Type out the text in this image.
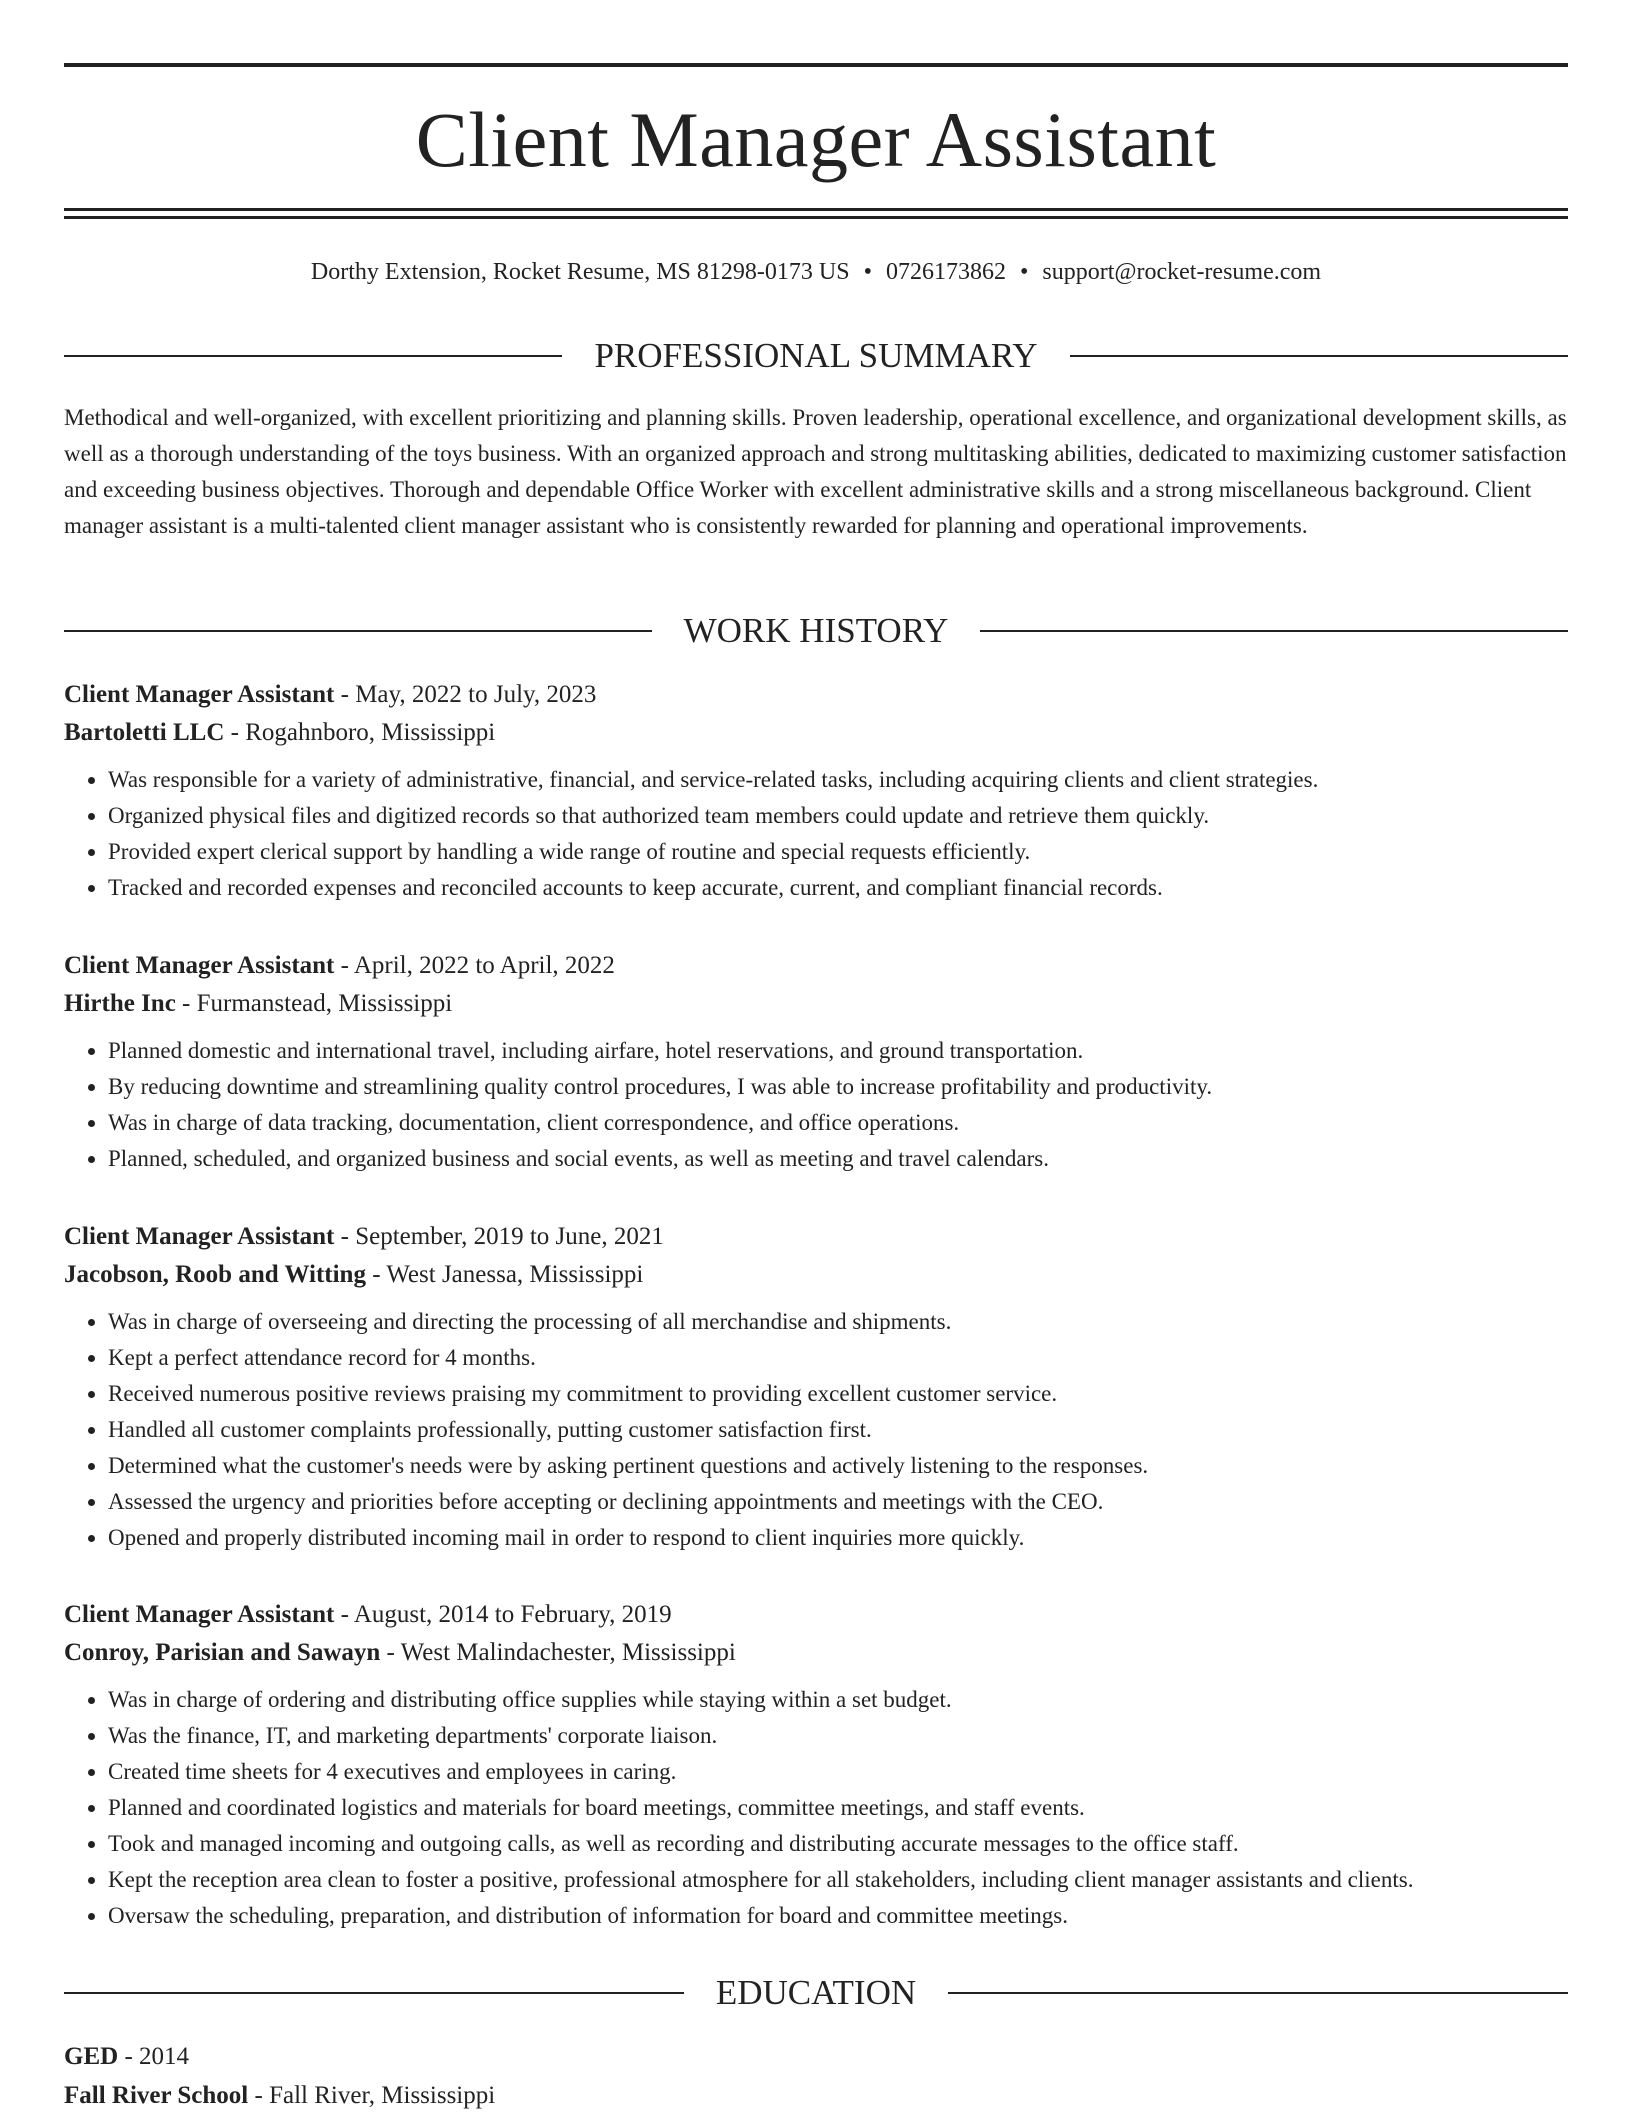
Client Manager Assistant
Dorthy Extension, Rocket Resume, MS 81298-0173 US • 0726173862 • support@rocket-resume.com
PROFESSIONAL SUMMARY

Methodical and well-organized, with excellent prioritizing and planning skills. Proven leadership, operational excellence, and organizational development skills, as well as a thorough understanding of the toys business. With an organized approach and strong multitasking abilities, dedicated to maximizing customer satisfaction and exceeding business objectives. Thorough and dependable Office Worker with excellent administrative skills and a strong miscellaneous background. Client manager assistant is a multi-talented client manager assistant who is consistently rewarded for planning and operational improvements.

WORK HISTORY
Client Manager Assistant - May, 2022 to July, 2023
Bartoletti LLC - Rogahnboro, Mississippi
• Was responsible for a variety of administrative, financial, and service-related tasks, including acquiring clients and client strategies.
• Organized physical files and digitized records so that authorized team members could update and retrieve them quickly.
• Provided expert clerical support by handling a wide range of routine and special requests efficiently.
• Tracked and recorded expenses and reconciled accounts to keep accurate, current, and compliant financial records.
Client Manager Assistant - April, 2022 to April, 2022
Hirthe Inc - Furmanstead, Mississippi
• Planned domestic and international travel, including airfare, hotel reservations, and ground transportation.
• By reducing downtime and streamlining quality control procedures, I was able to increase profitability and productivity.
• Was in charge of data tracking, documentation, client correspondence, and office operations.
• Planned, scheduled, and organized business and social events, as well as meeting and travel calendars.
Client Manager Assistant - September, 2019 to June, 2021
Jacobson, Roob and Witting - West Janessa, Mississippi
• Was in charge of overseeing and directing the processing of all merchandise and shipments.
• Kept a perfect attendance record for 4 months.
• Received numerous positive reviews praising my commitment to providing excellent customer service.
• Handled all customer complaints professionally, putting customer satisfaction first.
• Determined what the customer's needs were by asking pertinent questions and actively listening to the responses.
• Assessed the urgency and priorities before accepting or declining appointments and meetings with the CEO.
• Opened and properly distributed incoming mail in order to respond to client inquiries more quickly.
Client Manager Assistant - August, 2014 to February, 2019
Conroy, Parisian and Sawayn - West Malindachester, Mississippi
• Was in charge of ordering and distributing office supplies while staying within a set budget.
• Was the finance, IT, and marketing departments' corporate liaison.
• Created time sheets for 4 executives and employees in caring.
• Planned and coordinated logistics and materials for board meetings, committee meetings, and staff events.
• Took and managed incoming and outgoing calls, as well as recording and distributing accurate messages to the office staff.
• Kept the reception area clean to foster a positive, professional atmosphere for all stakeholders, including client manager assistants and clients.
• Oversaw the scheduling, preparation, and distribution of information for board and committee meetings.
EDUCATION
GED - 2014
Fall River School - Fall River, Mississippi
